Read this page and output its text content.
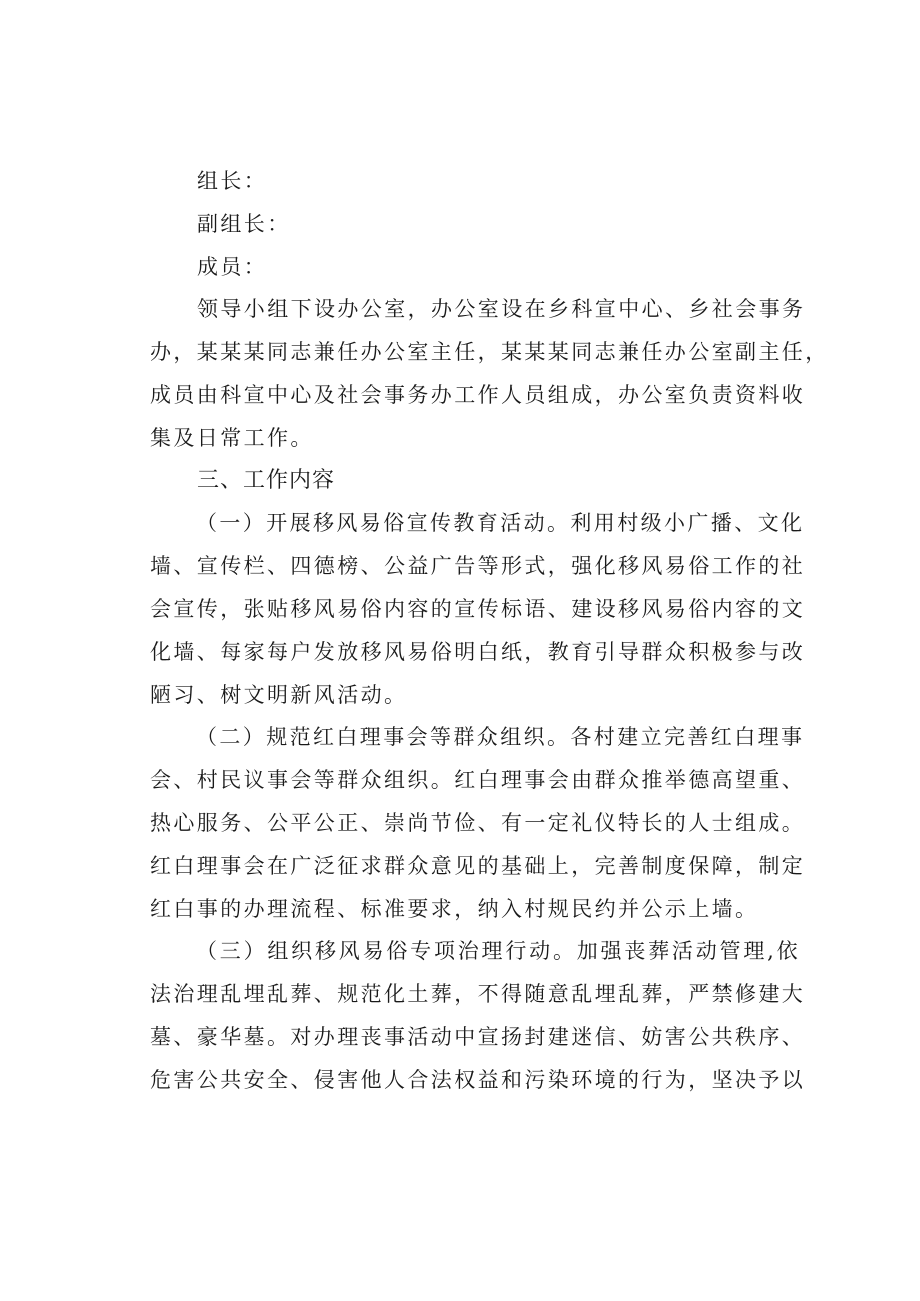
组长：

副组长：

成员：

领导小组下设办公室，办公室设在乡科宣中心、乡社会事务

办，某某某同志兼任办公室主任，某某某同志兼任办公室副主任，

成员由科宣中心及社会事务办工作人员组成，办公室负责资料收

集及日常工作。

三、工作内容

（一）开展移风易俗宣传教育活动。利用村级小广播、文化

墙、宣传栏、四德榜、公益广告等形式，强化移风易俗工作的社

会宣传，张贴移风易俗内容的宣传标语、建设移风易俗内容的文

化墙、每家每户发放移风易俗明白纸，教育引导群众积极参与改

陋习、树文明新风活动。

（二）规范红白理事会等群众组织。各村建立完善红白理事

会、村民议事会等群众组织。红白理事会由群众推举德高望重、

热心服务、公平公正、崇尚节俭、有一定礼仪特长的人士组成。

红白理事会在广泛征求群众意见的基础上，完善制度保障，制定

红白事的办理流程、标准要求，纳入村规民约并公示上墙。

（三）组织移风易俗专项治理行动。加强丧葬活动管理,依

法治理乱埋乱葬、规范化土葬，不得随意乱埋乱葬，严禁修建大

墓、豪华墓。对办理丧事活动中宣扬封建迷信、妨害公共秩序、

危害公共安全、侵害他人合法权益和污染环境的行为，坚决予以
